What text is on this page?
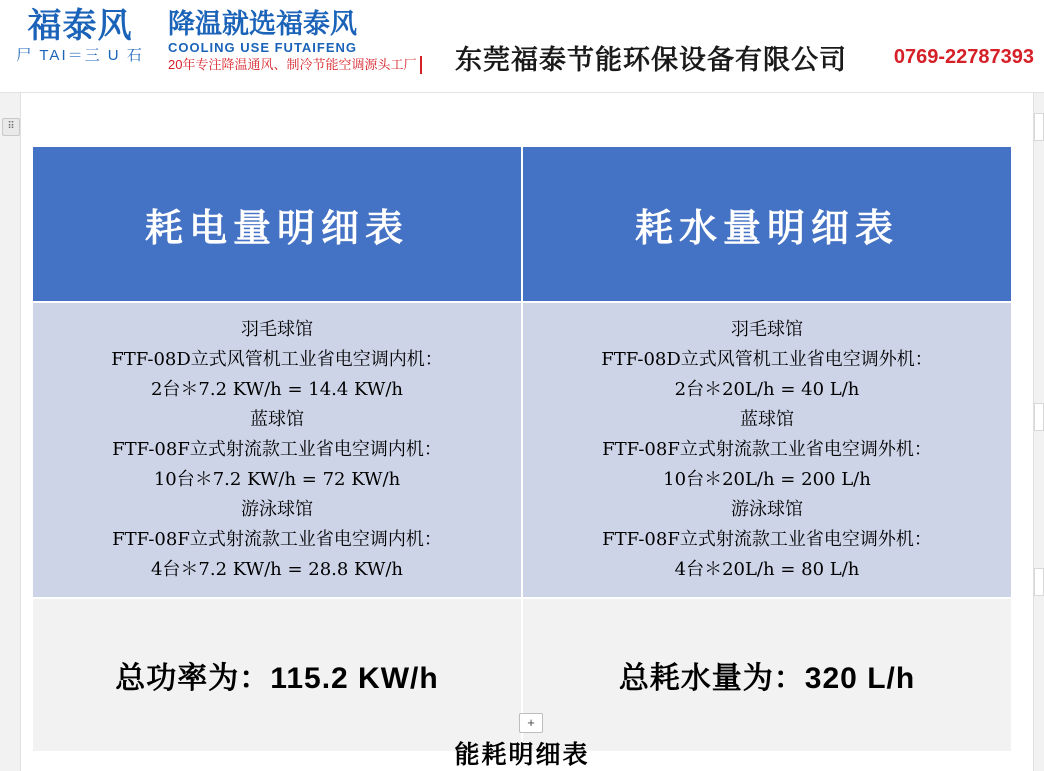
福泰风
尸 TAI＝三 U 石
降温就选福泰风
COOLING USE FUTAIFENG
20年专注降温通风、制冷节能空调源头工厂	东莞福泰节能环保设备有限公司 0769-22787393
⠿
耗电量明细表	耗水量明细表

羽毛球馆
FTF-08D立式风管机工业省电空调内机：
2台＊7.2 KW/h = 14.4 KW/h
蓝球馆
FTF-08F立式射流款工业省电空调内机：
10台＊7.2 KW/h = 72 KW/h
游泳球馆
FTF-08F立式射流款工业省电空调内机：
4台＊7.2 KW/h = 28.8 KW/h

羽毛球馆
FTF-08D立式风管机工业省电空调外机：
2台＊20L/h = 40 L/h
蓝球馆
FTF-08F立式射流款工业省电空调外机：
10台＊20L/h = 200 L/h
游泳球馆
FTF-08F立式射流款工业省电空调外机：
4台＊20L/h = 80 L/h

总功率为：115.2 KW/h	总耗水量为：320 L/h
+
能耗明细表
